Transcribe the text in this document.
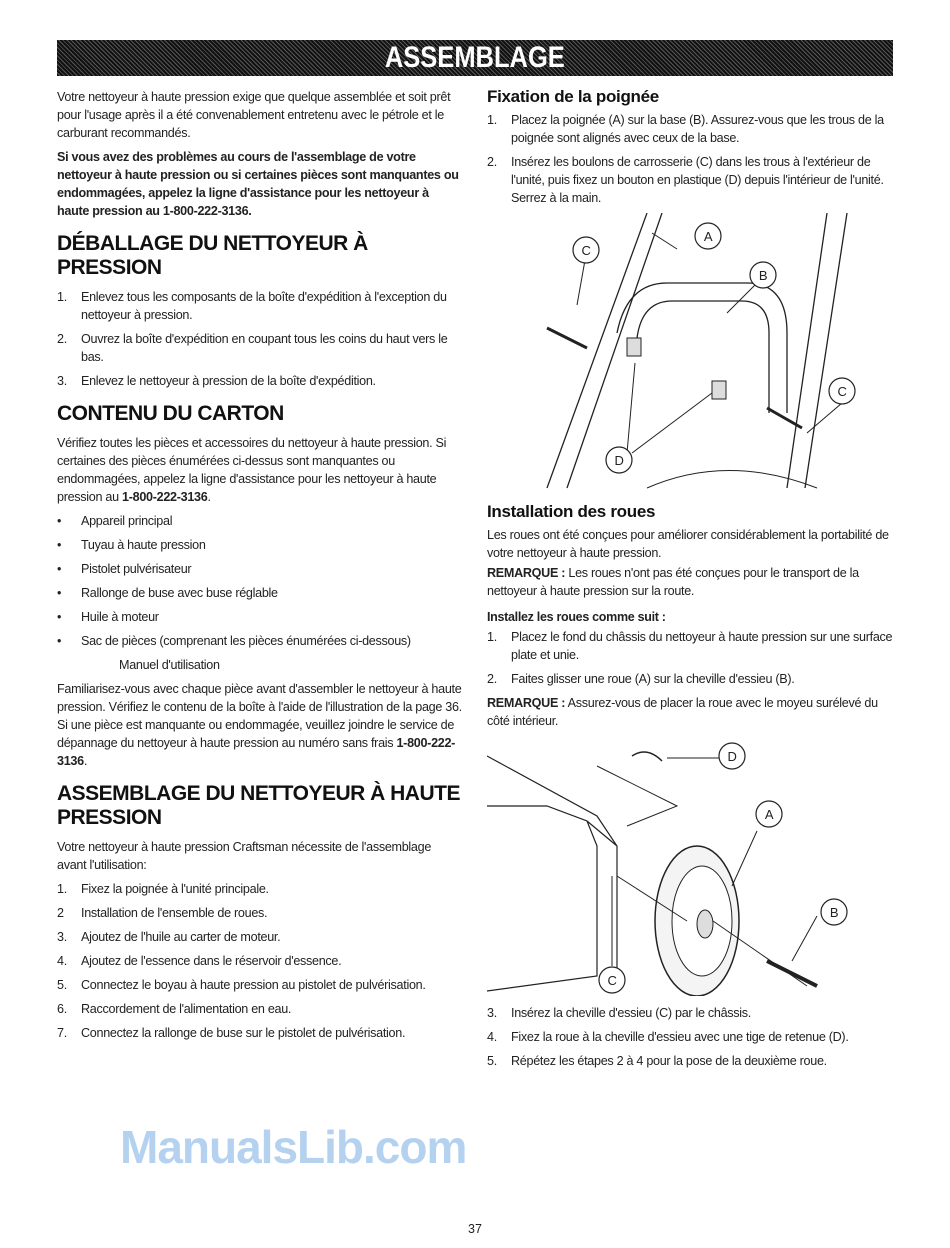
ASSEMBLAGE

Votre nettoyeur à haute pression exige que quelque assemblée et soit prêt pour l'usage après il a été convenablement entretenu avec le pétrole et le carburant recommandés.

Si vous avez des problèmes au cours de l'assemblage de votre nettoyeur à haute pression ou si certaines pièces sont manquantes ou endommagées, appelez la ligne d'assistance pour les nettoyeur à haute pression au 1-800-222-3136.

DÉBALLAGE DU NETTOYEUR À PRESSION
1.	Enlevez tous les composants de la boîte d'expédition à l'exception du nettoyeur à pression.
2.	Ouvrez la boîte d'expédition en coupant tous les coins du haut vers le bas.
3.	Enlevez le nettoyeur à pression de la boîte d'expédition.
CONTENU DU CARTON

Vérifiez toutes les pièces et accessoires du nettoyeur à haute pression. Si certaines des pièces énumérées ci-dessus sont manquantes ou endommagées, appelez la ligne d'assistance pour les nettoyeur à haute pression au 1-800-222-3136.

•	Appareil principal
•	Tuyau à haute pression
•	Pistolet pulvérisateur
•	Rallonge de buse avec buse réglable
•	Huile à moteur
•	Sac de pièces (comprenant les pièces énumérées ci-dessous)
Manuel d'utilisation

Familiarisez-vous avec chaque pièce avant d'assembler le nettoyeur à haute pression. Vérifiez le contenu de la boîte à l'aide de l'illustration de la page 36. Si une pièce est manquante ou endommagée, veuillez joindre le service de dépannage du nettoyeur à haute pression au numéro sans frais 1-800-222-3136.

ASSEMBLAGE DU NETTOYEUR À HAUTE PRESSION

Votre nettoyeur à haute pression Craftsman nécessite de l'assemblage avant l'utilisation:

1.	Fixez la poignée à l'unité principale.
2	Installation de l'ensemble de roues.
3.	Ajoutez de l'huile au carter de moteur.
4.	Ajoutez de l'essence dans le réservoir d'essence.
5.	Connectez le boyau à haute pression au pistolet de pulvérisation.
6.	Raccordement de l'alimentation en eau.
7.	Connectez la rallonge de buse sur le pistolet de pulvérisation.
Fixation de la poignée
1.	Placez la poignée (A) sur la base (B). Assurez-vous que les trous de la poignée sont alignés avec ceux de la base.
2.	Insérez les boulons de carrosserie (C) dans les trous à l'extérieur de l'unité, puis fixez un bouton en plastique (D) depuis l'intérieur de l'unité. Serrez à la main.
C
A
B
C
D
Installation des roues

Les roues ont été conçues pour améliorer considérablement la portabilité de votre nettoyeur à haute pression.

REMARQUE : Les roues n'ont pas été conçues pour le transport de la nettoyeur à haute pression sur la route.

Installez les roues comme suit :
1.	Placez le fond du châssis du nettoyeur à haute pression sur une surface plate et unie.
2.	Faites glisser une roue (A) sur la cheville d'essieu (B).

REMARQUE : Assurez-vous de placer la roue avec le moyeu surélevé du côté intérieur.

D
A
B
C
3.	Insérez la cheville d'essieu (C) par le châssis.
4.	Fixez la roue à la cheville d'essieu avec une tige de retenue (D).
5.	Répétez les étapes 2 à 4 pour la pose de la deuxième roue.
ManualsLib.com
37
